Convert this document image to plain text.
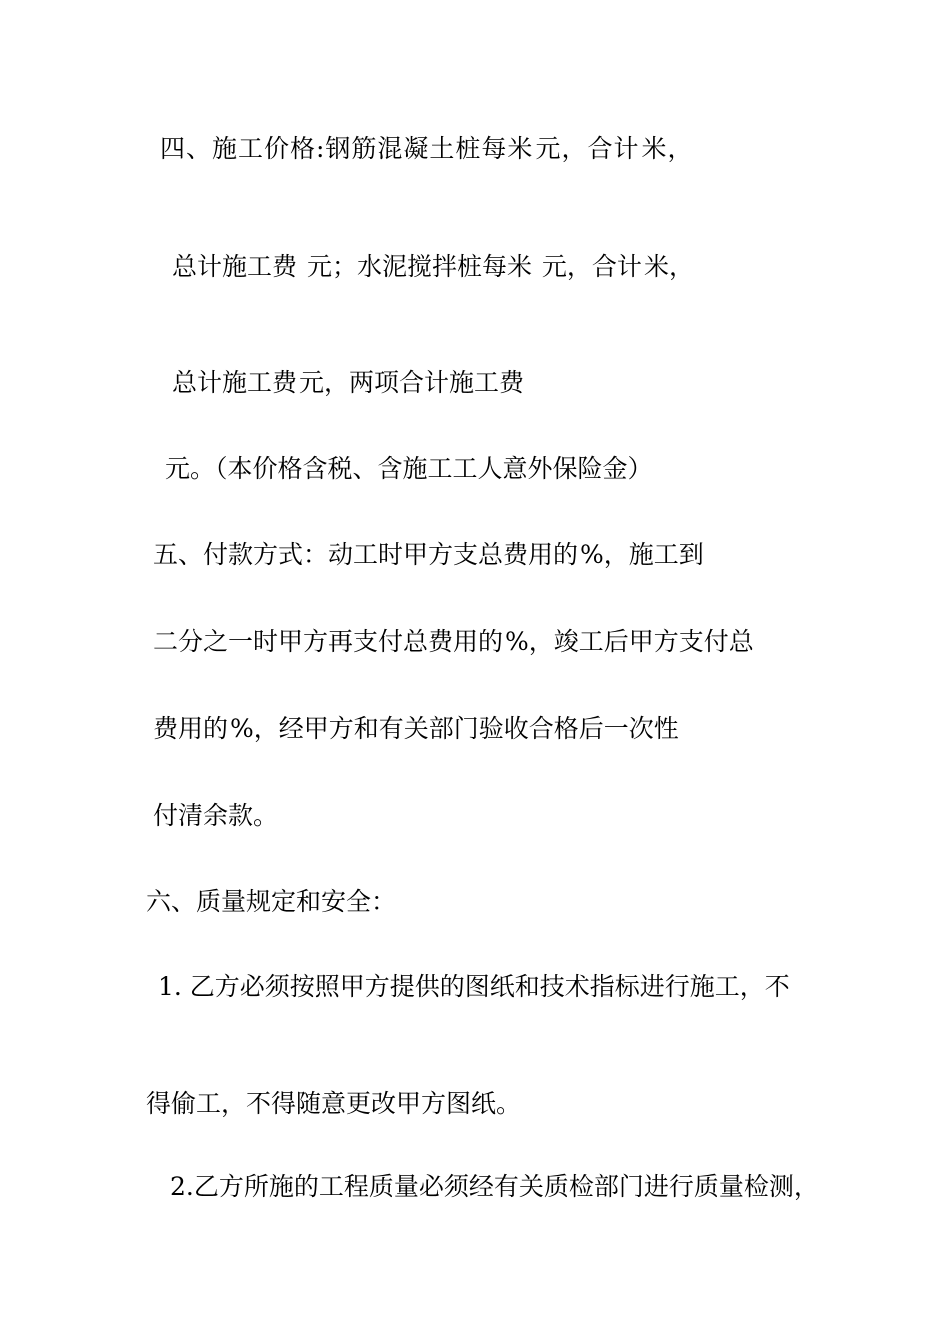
四、施工价格:钢筋混凝土桩每米元，合计米，
总计施工费 元；水泥搅拌桩每米 元，合计米，
总计施工费元，两项合计施工费
元。（本价格含税、含施工工人意外保险金）
五、付款方式：动工时甲方支总费用的%，施工到
二分之一时甲方再支付总费用的%，竣工后甲方支付总
费用的%，经甲方和有关部门验收合格后一次性
付清余款。
六、质量规定和安全：
1. 乙方必须按照甲方提供的图纸和技术指标进行施工，不
得偷工，不得随意更改甲方图纸。
2.乙方所施的工程质量必须经有关质检部门进行质量检测，
